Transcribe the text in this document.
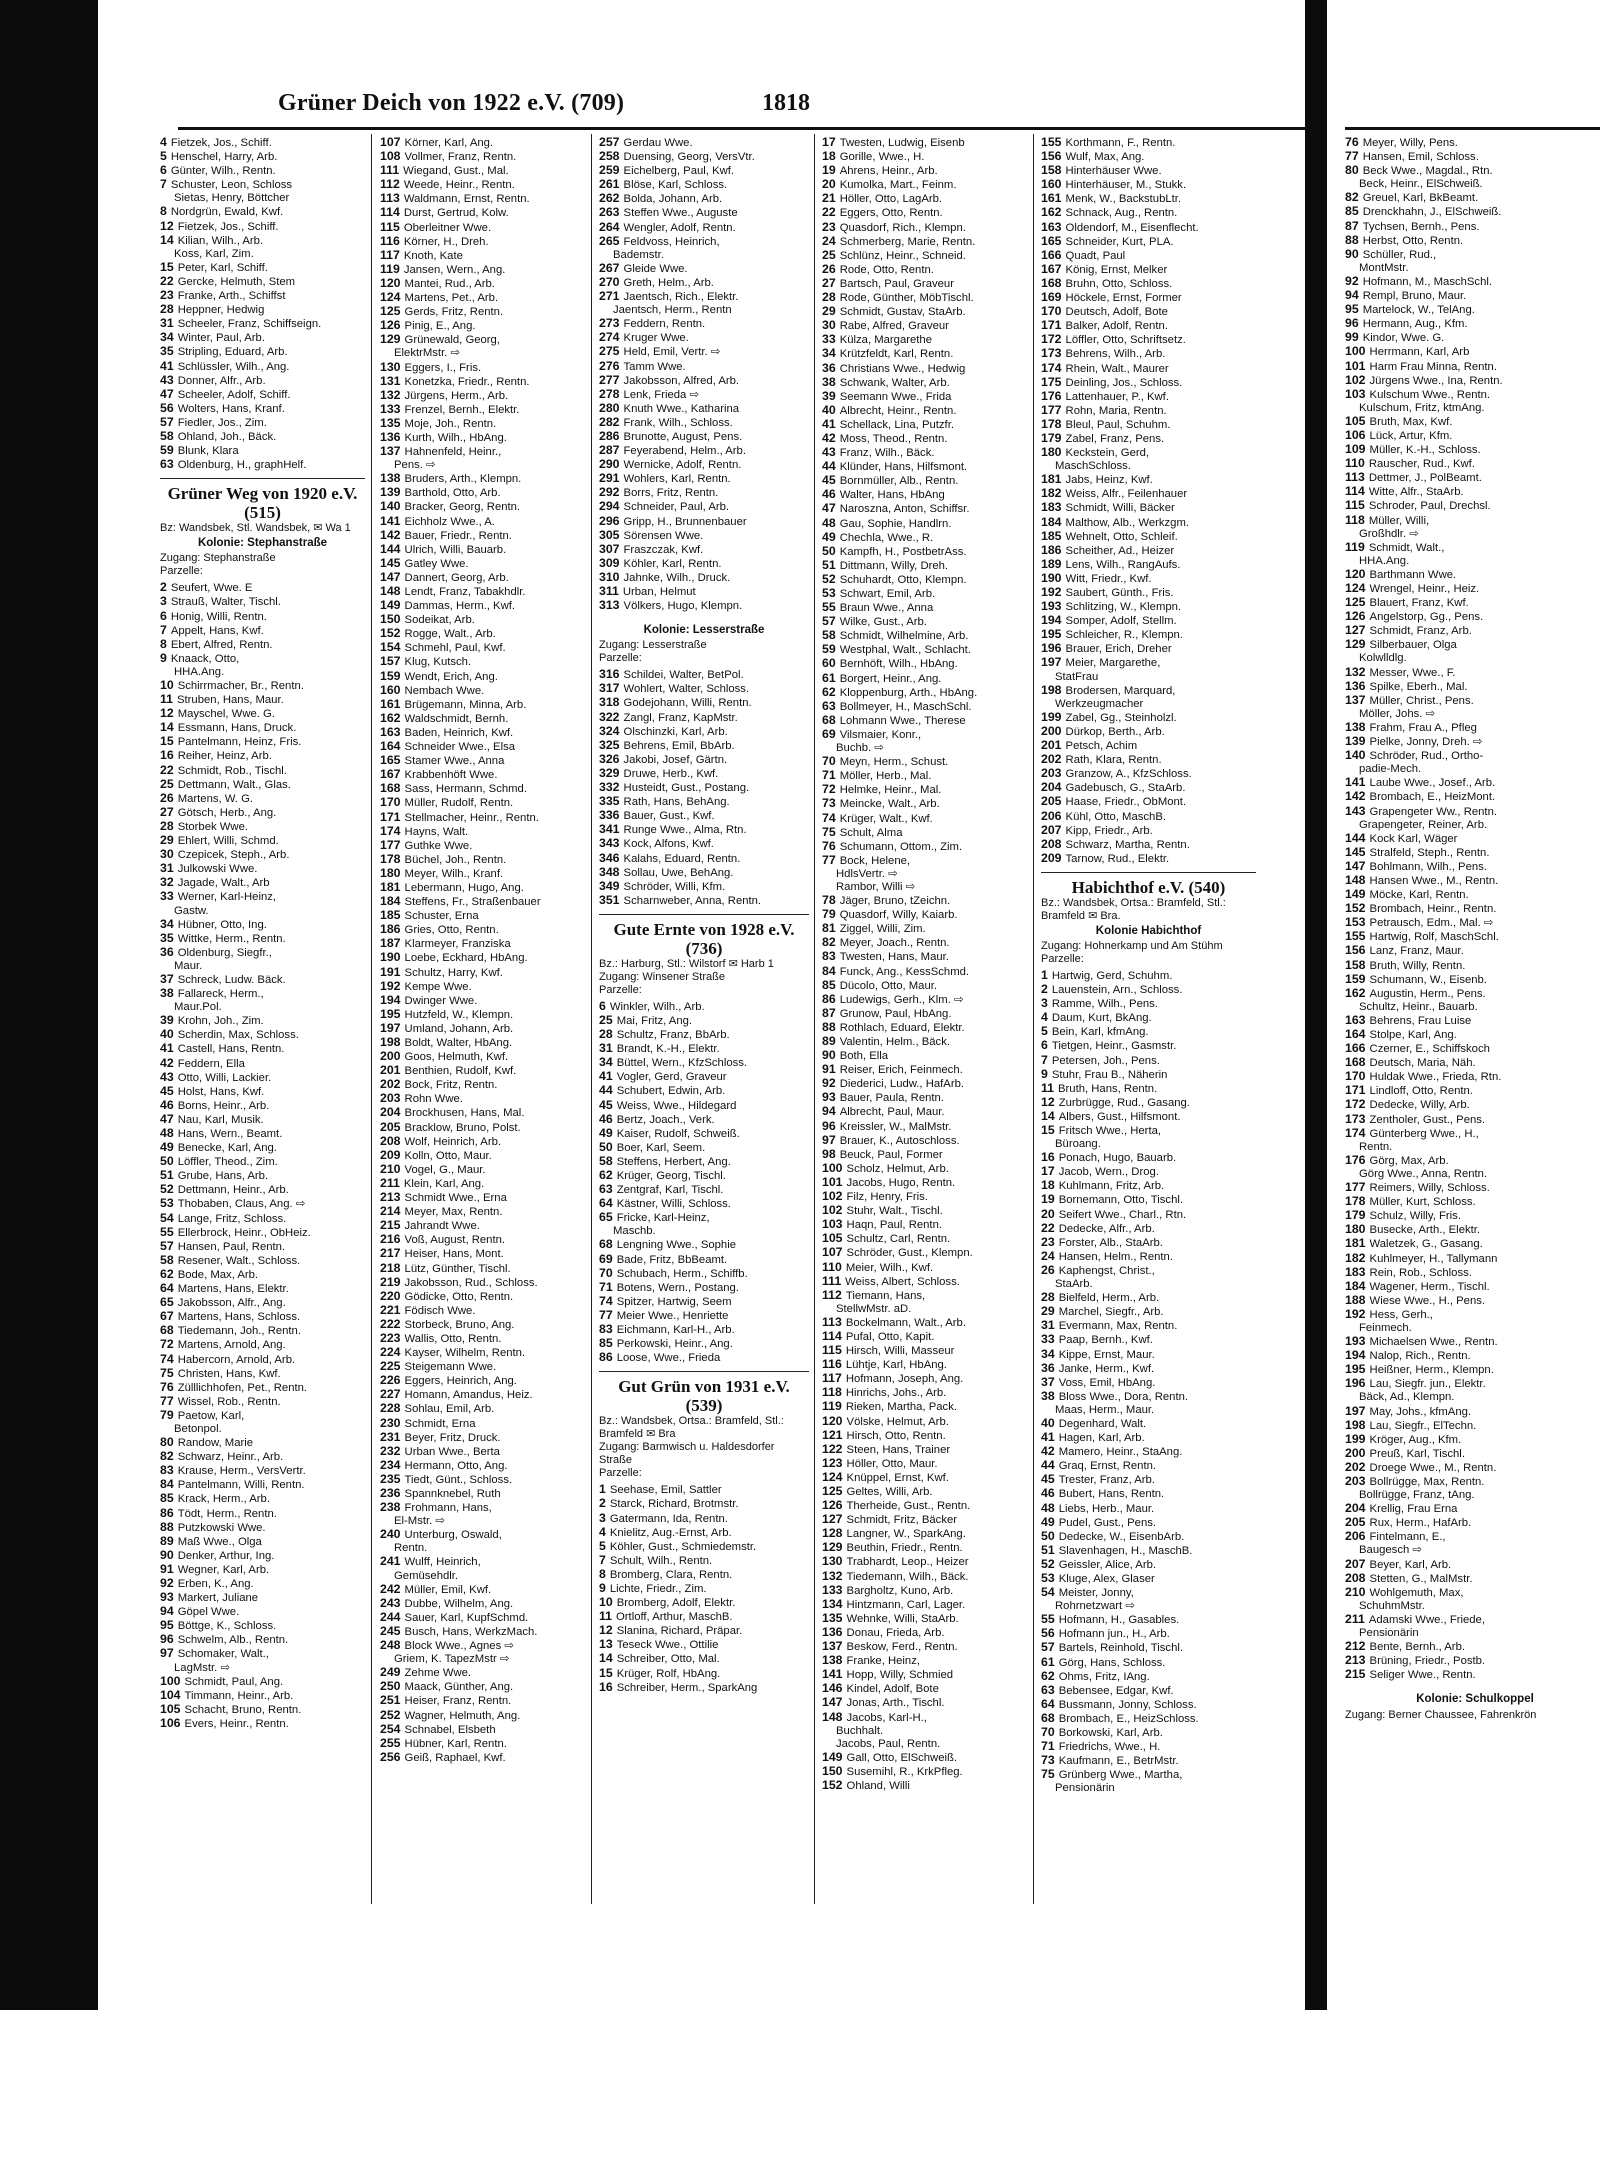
Grüner Deich von 1922 e.V. (709)	1818
4 Fietzek, Jos., Schiff.
5 Henschel, Harry, Arb.
6 Günter, Wilh., Rentn.
7 Schuster, Leon, Schloss
Sietas, Henry, Böttcher
8 Nordgrün, Ewald, Kwf.
12 Fietzek, Jos., Schiff.
14 Kilian, Wilh., Arb.
Koss, Karl, Zim.
15 Peter, Karl, Schiff.
22 Gercke, Helmuth, Stem
23 Franke, Arth., Schiffst
28 Heppner, Hedwig
31 Scheeler, Franz, Schiffseign.
34 Winter, Paul, Arb.
35 Stripling, Eduard, Arb.
41 Schlüssler, Wilh., Ang.
43 Donner, Alfr., Arb.
47 Scheeler, Adolf, Schiff.
56 Wolters, Hans, Kranf.
57 Fiedler, Jos., Zim.
58 Ohland, Joh., Bäck.
59 Blunk, Klara
63 Oldenburg, H., graphHelf.
Grüner Weg von 1920 e.V. (515)
Bz: Wandsbek, Stl. Wandsbek, ✉ Wa 1
Kolonie: Stephanstraße
Zugang: Stephanstraße
Parzelle:
2 Seufert, Wwe. E
3 Strauß, Walter, Tischl.
6 Honig, Willi, Rentn.
7 Appelt, Hans, Kwf.
8 Ebert, Alfred, Rentn.
9 Knaack, Otto,
HHA.Ang.
10 Schirrmacher, Br., Rentn.
11 Struben, Hans, Maur.
12 Mayschel, Wwe. G.
14 Essmann, Hans, Druck.
15 Pantelmann, Heinz, Fris.
16 Reiher, Heinz, Arb.
22 Schmidt, Rob., Tischl.
25 Dettmann, Walt., Glas.
26 Martens, W. G.
27 Götsch, Herb., Ang.
28 Storbek Wwe.
29 Ehlert, Willi, Schmd.
30 Czepicek, Steph., Arb.
31 Julkowski Wwe.
32 Jagade, Walt., Arb
33 Werner, Karl-Heinz,
Gastw.
34 Hübner, Otto, Ing.
35 Wittke, Herm., Rentn.
36 Oldenburg, Siegfr.,
Maur.
37 Schreck, Ludw. Bäck.
38 Fallareck, Herm.,
Maur.Pol.
39 Krohn, Joh., Zim.
40 Scherdin, Max, Schloss.
41 Castell, Hans, Rentn.
42 Feddern, Ella
43 Otto, Willi, Lackier.
45 Holst, Hans, Kwf.
46 Borns, Heinr., Arb.
47 Nau, Karl, Musik.
48 Hans, Wern., Beamt.
49 Benecke, Karl, Ang.
50 Löffler, Theod., Zim.
51 Grube, Hans, Arb.
52 Dettmann, Heinr., Arb.
53 Thobaben, Claus, Ang. ⇨
54 Lange, Fritz, Schloss.
55 Ellerbrock, Heinr., ObHeiz.
57 Hansen, Paul, Rentn.
58 Resener, Walt., Schloss.
62 Bode, Max, Arb.
64 Martens, Hans, Elektr.
65 Jakobsson, Alfr., Ang.
67 Martens, Hans, Schloss.
68 Tiedemann, Joh., Rentn.
72 Martens, Arnold, Ang.
74 Habercorn, Arnold, Arb.
75 Christen, Hans, Kwf.
76 Zülllichhofen, Pet., Rentn.
77 Wissel, Rob., Rentn.
79 Paetow, Karl,
Betonpol.
80 Randow, Marie
82 Schwarz, Heinr., Arb.
83 Krause, Herm., VersVertr.
84 Pantelmann, Willi, Rentn.
85 Krack, Herm., Arb.
86 Tödt, Herm., Rentn.
88 Putzkowski Wwe.
89 Maß Wwe., Olga
90 Denker, Arthur, Ing.
91 Wegner, Karl, Arb.
92 Erben, K., Ang.
93 Markert, Juliane
94 Göpel Wwe.
95 Böttge, K., Schloss.
96 Schwelm, Alb., Rentn.
97 Schomaker, Walt.,
LagMstr. ⇨
100 Schmidt, Paul, Ang.
104 Timmann, Heinr., Arb.
105 Schacht, Bruno, Rentn.
106 Evers, Heinr., Rentn.
107 Körner, Karl, Ang.
108 Vollmer, Franz, Rentn.
111 Wiegand, Gust., Mal.
112 Weede, Heinr., Rentn.
113 Waldmann, Ernst, Rentn.
114 Durst, Gertrud, Kolw.
115 Oberleitner Wwe.
116 Körner, H., Dreh.
117 Knoth, Kate
119 Jansen, Wern., Ang.
120 Mantei, Rud., Arb.
124 Martens, Pet., Arb.
125 Gerds, Fritz, Rentn.
126 Pinig, E., Ang.
129 Grünewald, Georg,
ElektrMstr. ⇨
130 Eggers, I., Fris.
131 Konetzka, Friedr., Rentn.
132 Jürgens, Herm., Arb.
133 Frenzel, Bernh., Elektr.
135 Moje, Joh., Rentn.
136 Kurth, Wilh., HbAng.
137 Hahnenfeld, Heinr.,
Pens. ⇨
138 Bruders, Arth., Klempn.
139 Barthold, Otto, Arb.
140 Bracker, Georg, Rentn.
141 Eichholz Wwe., A.
142 Bauer, Friedr., Rentn.
144 Ulrich, Willi, Bauarb.
145 Gatley Wwe.
147 Dannert, Georg, Arb.
148 Lendt, Franz, Tabakhdlr.
149 Dammas, Herm., Kwf.
150 Sodeikat, Arb.
152 Rogge, Walt., Arb.
154 Schmehl, Paul, Kwf.
157 Klug, Kutsch.
159 Wendt, Erich, Ang.
160 Nembach Wwe.
161 Brügemann, Minna, Arb.
162 Waldschmidt, Bernh.
163 Baden, Heinrich, Kwf.
164 Schneider Wwe., Elsa
165 Stamer Wwe., Anna
167 Krabbenhöft Wwe.
168 Sass, Hermann, Schmd.
170 Müller, Rudolf, Rentn.
171 Stellmacher, Heinr., Rentn.
174 Hayns, Walt.
177 Guthke Wwe.
178 Büchel, Joh., Rentn.
180 Meyer, Wilh., Kranf.
181 Lebermann, Hugo, Ang.
184 Steffens, Fr., Straßenbauer
185 Schuster, Erna
186 Gries, Otto, Rentn.
187 Klarmeyer, Franziska
190 Loebe, Eckhard, HbAng.
191 Schultz, Harry, Kwf.
192 Kempe Wwe.
194 Dwinger Wwe.
195 Hutzfeld, W., Klempn.
197 Umland, Johann, Arb.
198 Boldt, Walter, HbAng.
200 Goos, Helmuth, Kwf.
201 Benthien, Rudolf, Kwf.
202 Bock, Fritz, Rentn.
203 Rohn Wwe.
204 Brockhusen, Hans, Mal.
205 Bracklow, Bruno, Polst.
208 Wolf, Heinrich, Arb.
209 Kolln, Otto, Maur.
210 Vogel, G., Maur.
211 Klein, Karl, Ang.
213 Schmidt Wwe., Erna
214 Meyer, Max, Rentn.
215 Jahrandt Wwe.
216 Voß, August, Rentn.
217 Heiser, Hans, Mont.
218 Lütz, Günther, Tischl.
219 Jakobsson, Rud., Schloss.
220 Gödicke, Otto, Rentn.
221 Födisch Wwe.
222 Storbeck, Bruno, Ang.
223 Wallis, Otto, Rentn.
224 Kayser, Wilhelm, Rentn.
225 Steigemann Wwe.
226 Eggers, Heinrich, Ang.
227 Homann, Amandus, Heiz.
228 Sohlau, Emil, Arb.
230 Schmidt, Erna
231 Beyer, Fritz, Druck.
232 Urban Wwe., Berta
234 Hermann, Otto, Ang.
235 Tiedt, Günt., Schloss.
236 Spannknebel, Ruth
238 Frohmann, Hans,
El-Mstr. ⇨
240 Unterburg, Oswald,
Rentn.
241 Wulff, Heinrich,
Gemüsehdlr.
242 Müller, Emil, Kwf.
243 Dubbe, Wilhelm, Ang.
244 Sauer, Karl, KupfSchmd.
245 Busch, Hans, WerkzMach.
248 Block Wwe., Agnes ⇨
Griem, K. TapezMstr ⇨
249 Zehme Wwe.
250 Maack, Günther, Ang.
251 Heiser, Franz, Rentn.
252 Wagner, Helmuth, Ang.
254 Schnabel, Elsbeth
255 Hübner, Karl, Rentn.
256 Geiß, Raphael, Kwf.
257 Gerdau Wwe.
258 Duensing, Georg, VersVtr.
259 Eichelberg, Paul, Kwf.
261 Blöse, Karl, Schloss.
262 Bolda, Johann, Arb.
263 Steffen Wwe., Auguste
264 Wengler, Adolf, Rentn.
265 Feldvoss, Heinrich,
Bademstr.
267 Gleide Wwe.
270 Greth, Helm., Arb.
271 Jaentsch, Rich., Elektr.
Jaentsch, Herm., Rentn
273 Feddern, Rentn.
274 Kruger Wwe.
275 Held, Emil, Vertr. ⇨
276 Tamm Wwe.
277 Jakobsson, Alfred, Arb.
278 Lenk, Frieda ⇨
280 Knuth Wwe., Katharina
282 Frank, Wilh., Schloss.
286 Brunotte, August, Pens.
287 Feyerabend, Helm., Arb.
290 Wernicke, Adolf, Rentn.
291 Wohlers, Karl, Rentn.
292 Borrs, Fritz, Rentn.
294 Schneider, Paul, Arb.
296 Gripp, H., Brunnenbauer
305 Sörensen Wwe.
307 Fraszczak, Kwf.
309 Köhler, Karl, Rentn.
310 Jahnke, Wilh., Druck.
311 Urban, Helmut
313 Völkers, Hugo, Klempn.
Kolonie: Lesserstraße
Zugang: Lesserstraße
Parzelle:
316 Schildei, Walter, BetPol.
317 Wohlert, Walter, Schloss.
318 Godejohann, Willi, Rentn.
322 Zangl, Franz, KapMstr.
324 Olschinzki, Karl, Arb.
325 Behrens, Emil, BbArb.
326 Jakobi, Josef, Gärtn.
329 Druwe, Herb., Kwf.
332 Husteidt, Gust., Postang.
335 Rath, Hans, BehAng.
336 Bauer, Gust., Kwf.
341 Runge Wwe., Alma, Rtn.
343 Kock, Alfons, Kwf.
346 Kalahs, Eduard, Rentn.
348 Sollau, Uwe, BehAng.
349 Schröder, Willi, Kfm.
351 Scharnweber, Anna, Rentn.
Gute Ernte von 1928 e.V. (736)
Bz.: Harburg, Stl.: Wilstorf ✉ Harb 1
Zugang: Winsener Straße
Parzelle:
6 Winkler, Wilh., Arb.
25 Mai, Fritz, Ang.
28 Schultz, Franz, BbArb.
31 Brandt, K.-H., Elektr.
34 Büttel, Wern., KfzSchloss.
41 Vogler, Gerd, Graveur
44 Schubert, Edwin, Arb.
45 Weiss, Wwe., Hildegard
46 Bertz, Joach., Verk.
49 Kaiser, Rudolf, Schweiß.
50 Boer, Karl, Seem.
58 Steffens, Herbert, Ang.
62 Krüger, Georg, Tischl.
63 Zentgraf, Karl, Tischl.
64 Kästner, Willi, Schloss.
65 Fricke, Karl-Heinz,
Maschb.
68 Lengning Wwe., Sophie
69 Bade, Fritz, BbBeamt.
70 Schubach, Herm., Schiffb.
71 Botens, Wern., Postang.
74 Spitzer, Hartwig, Seem
77 Meier Wwe., Henriette
83 Eichmann, Karl-H., Arb.
85 Perkowski, Heinr., Ang.
86 Loose, Wwe., Frieda
Gut Grün von 1931 e.V. (539)
Bz.: Wandsbek, Ortsa.: Bramfeld, Stl.: Bramfeld ✉ Bra
Zugang: Barmwisch u. Haldesdorfer Straße
Parzelle:
1 Seehase, Emil, Sattler
2 Starck, Richard, Brotmstr.
3 Gatermann, Ida, Rentn.
4 Knielitz, Aug.-Ernst, Arb.
5 Köhler, Gust., Schmiedemstr.
7 Schult, Wilh., Rentn.
8 Bromberg, Clara, Rentn.
9 Lichte, Friedr., Zim.
10 Bromberg, Adolf, Elektr.
11 Ortloff, Arthur, MaschB.
12 Slanina, Richard, Präpar.
13 Teseck Wwe., Ottilie
14 Schreiber, Otto, Mal.
15 Krüger, Rolf, HbAng.
16 Schreiber, Herm., SparkAng
17 Twesten, Ludwig, Eisenb
18 Gorille, Wwe., H.
19 Ahrens, Heinr., Arb.
20 Kumolka, Mart., Feinm.
21 Höller, Otto, LagArb.
22 Eggers, Otto, Rentn.
23 Quasdorf, Rich., Klempn.
24 Schmerberg, Marie, Rentn.
25 Schlünz, Heinr., Schneid.
26 Rode, Otto, Rentn.
27 Bartsch, Paul, Graveur
28 Rode, Günther, MöbTischl.
29 Schmidt, Gustav, StaArb.
30 Rabe, Alfred, Graveur
33 Külza, Margarethe
34 Krützfeldt, Karl, Rentn.
36 Christians Wwe., Hedwig
38 Schwank, Walter, Arb.
39 Seemann Wwe., Frida
40 Albrecht, Heinr., Rentn.
41 Schellack, Lina, Putzfr.
42 Moss, Theod., Rentn.
43 Franz, Wilh., Bäck.
44 Klünder, Hans, Hilfsmont.
45 Bornmüller, Alb., Rentn.
46 Walter, Hans, HbAng
47 Naroszna, Anton, Schiffsr.
48 Gau, Sophie, Handlrn.
49 Chechla, Wwe., R.
50 Kampfh, H., PostbetrAss.
51 Dittmann, Willy, Dreh.
52 Schuhardt, Otto, Klempn.
53 Schwart, Emil, Arb.
55 Braun Wwe., Anna
57 Wilke, Gust., Arb.
58 Schmidt, Wilhelmine, Arb.
59 Westphal, Walt., Schlacht.
60 Bernhöft, Wilh., HbAng.
61 Borgert, Heinr., Ang.
62 Kloppenburg, Arth., HbAng.
63 Bollmeyer, H., MaschSchl.
68 Lohmann Wwe., Therese
69 Vilsmaier, Konr.,
Buchb. ⇨
70 Meyn, Herm., Schust.
71 Möller, Herb., Mal.
72 Helmke, Heinr., Mal.
73 Meincke, Walt., Arb.
74 Krüger, Walt., Kwf.
75 Schult, Alma
76 Schumann, Ottom., Zim.
77 Bock, Helene,
HdlsVertr. ⇨
Rambor, Willi ⇨
78 Jäger, Bruno, tZeichn.
79 Quasdorf, Willy, Kaiarb.
81 Ziggel, Willi, Zim.
82 Meyer, Joach., Rentn.
83 Twesten, Hans, Maur.
84 Funck, Ang., KessSchmd.
85 Dücolo, Otto, Maur.
86 Ludewigs, Gerh., Klm. ⇨
87 Grunow, Paul, HbAng.
88 Rothlach, Eduard, Elektr.
89 Valentin, Helm., Bäck.
90 Both, Ella
91 Reiser, Erich, Feinmech.
92 Diederici, Ludw., HafArb.
93 Bauer, Paula, Rentn.
94 Albrecht, Paul, Maur.
96 Kreissler, W., MalMstr.
97 Brauer, K., Autoschloss.
98 Beuck, Paul, Former
100 Scholz, Helmut, Arb.
101 Jacobs, Hugo, Rentn.
102 Filz, Henry, Fris.
102 Stuhr, Walt., Tischl.
103 Haqn, Paul, Rentn.
105 Schultz, Carl, Rentn.
107 Schröder, Gust., Klempn.
110 Meier, Wilh., Kwf.
111 Weiss, Albert, Schloss.
112 Tiemann, Hans,
StellwMstr. aD.
113 Bockelmann, Walt., Arb.
114 Pufal, Otto, Kapit.
115 Hirsch, Willi, Masseur
116 Lühtje, Karl, HbAng.
117 Hofmann, Joseph, Ang.
118 Hinrichs, Johs., Arb.
119 Rieken, Martha, Pack.
120 Völske, Helmut, Arb.
121 Hirsch, Otto, Rentn.
122 Steen, Hans, Trainer
123 Höller, Otto, Maur.
124 Knüppel, Ernst, Kwf.
125 Geltes, Willi, Arb.
126 Therheide, Gust., Rentn.
127 Schmidt, Fritz, Bäcker
128 Langner, W., SparkAng.
129 Beuthin, Friedr., Rentn.
130 Trabhardt, Leop., Heizer
132 Tiedemann, Wilh., Bäck.
133 Bargholtz, Kuno, Arb.
134 Hintzmann, Carl, Lager.
135 Wehnke, Willi, StaArb.
136 Donau, Frieda, Arb.
137 Beskow, Ferd., Rentn.
138 Franke, Heinz,
141 Hopp, Willy, Schmied
146 Kindel, Adolf, Bote
147 Jonas, Arth., Tischl.
148 Jacobs, Karl-H.,
Buchhalt.
Jacobs, Paul, Rentn.
149 Gall, Otto, ElSchweiß.
150 Susemihl, R., KrkPfleg.
152 Ohland, Willi
155 Korthmann, F., Rentn.
156 Wulf, Max, Ang.
158 Hinterhäuser Wwe.
160 Hinterhäuser, M., Stukk.
161 Menk, W., BackstubLtr.
162 Schnack, Aug., Rentn.
163 Oldendorf, M., Eisenflecht.
165 Schneider, Kurt, PLA.
166 Quadt, Paul
167 König, Ernst, Melker
168 Bruhn, Otto, Schloss.
169 Höckele, Ernst, Former
170 Deutsch, Adolf, Bote
171 Balker, Adolf, Rentn.
172 Löffler, Otto, Schriftsetz.
173 Behrens, Wilh., Arb.
174 Rhein, Walt., Maurer
175 Deinling, Jos., Schloss.
176 Lattenhauer, P., Kwf.
177 Rohn, Maria, Rentn.
178 Bleul, Paul, Schuhm.
179 Zabel, Franz, Pens.
180 Keckstein, Gerd,
MaschSchloss.
181 Jabs, Heinz, Kwf.
182 Weiss, Alfr., Feilenhauer
183 Schmidt, Willi, Bäcker
184 Malthow, Alb., Werkzgm.
185 Wehnelt, Otto, Schleif.
186 Scheither, Ad., Heizer
189 Lens, Wilh., RangAufs.
190 Witt, Friedr., Kwf.
192 Saubert, Günth., Fris.
193 Schlitzing, W., Klempn.
194 Somper, Adolf, Stellm.
195 Schleicher, R., Klempn.
196 Brauer, Erich, Dreher
197 Meier, Margarethe,
StatFrau
198 Brodersen, Marquard,
Werkzeugmacher
199 Zabel, Gg., Steinholzl.
200 Dürkop, Berth., Arb.
201 Petsch, Achim
202 Rath, Klara, Rentn.
203 Granzow, A., KfzSchloss.
204 Gadebusch, G., StaArb.
205 Haase, Friedr., ObMont.
206 Kühl, Otto, MaschB.
207 Kipp, Friedr., Arb.
208 Schwarz, Martha, Rentn.
209 Tarnow, Rud., Elektr.
Habichthof e.V. (540)
Bz.: Wandsbek, Ortsa.: Bramfeld, Stl.: Bramfeld ✉ Bra.
Kolonie Habichthof
Zugang: Hohnerkamp und Am Stühm
Parzelle:
1 Hartwig, Gerd, Schuhm.
2 Lauenstein, Arn., Schloss.
3 Ramme, Wilh., Pens.
4 Daum, Kurt, BkAng.
5 Bein, Karl, kfmAng.
6 Tietgen, Heinr., Gasmstr.
7 Petersen, Joh., Pens.
9 Stuhr, Frau B., Näherin
11 Bruth, Hans, Rentn.
12 Zurbrügge, Rud., Gasang.
14 Albers, Gust., Hilfsmont.
15 Fritsch Wwe., Herta,
Büroang.
16 Ponach, Hugo, Bauarb.
17 Jacob, Wern., Drog.
18 Kuhlmann, Fritz, Arb.
19 Bornemann, Otto, Tischl.
20 Seifert Wwe., Charl., Rtn.
22 Dedecke, Alfr., Arb.
23 Forster, Alb., StaArb.
24 Hansen, Helm., Rentn.
26 Kaphengst, Christ.,
StaArb.
28 Bielfeld, Herm., Arb.
29 Marchel, Siegfr., Arb.
31 Evermann, Max, Rentn.
33 Paap, Bernh., Kwf.
34 Kippe, Ernst, Maur.
36 Janke, Herm., Kwf.
37 Voss, Emil, HbAng.
38 Bloss Wwe., Dora, Rentn.
Maas, Herm., Maur.
40 Degenhard, Walt.
41 Hagen, Karl, Arb.
42 Mamero, Heinr., StaAng.
44 Graq, Ernst, Rentn.
45 Trester, Franz, Arb.
46 Bubert, Hans, Rentn.
48 Liebs, Herb., Maur.
49 Pudel, Gust., Pens.
50 Dedecke, W., EisenbArb.
51 Slavenhagen, H., MaschB.
52 Geissler, Alice, Arb.
53 Kluge, Alex, Glaser
54 Meister, Jonny,
Rohrnetzwart ⇨
55 Hofmann, H., Gasables.
56 Hofmann jun., H., Arb.
57 Bartels, Reinhold, Tischl.
61 Görg, Hans, Schloss.
62 Ohms, Fritz, IAng.
63 Bebensee, Edgar, Kwf.
64 Bussmann, Jonny, Schloss.
68 Brombach, E., HeizSchloss.
70 Borkowski, Karl, Arb.
71 Friedrichs, Wwe., H.
73 Kaufmann, E., BetrMstr.
75 Grünberg Wwe., Martha,
Pensionärin
76 Meyer, Willy, Pens.
77 Hansen, Emil, Schloss.
80 Beck Wwe., Magdal., Rtn.
Beck, Heinr., ElSchweiß.
82 Greuel, Karl, BkBeamt.
85 Drenckhahn, J., ElSchweiß.
87 Tychsen, Bernh., Pens.
88 Herbst, Otto, Rentn.
90 Schüller, Rud.,
MontMstr.
92 Hofmann, M., MaschSchl.
94 Rempl, Bruno, Maur.
95 Martelock, W., TelAng.
96 Hermann, Aug., Kfm.
99 Kindor, Wwe. G.
100 Herrmann, Karl, Arb
101 Harm Frau Minna, Rentn.
102 Jürgens Wwe., Ina, Rentn.
103 Kulschum Wwe., Rentn.
Kulschum, Fritz, ktmAng.
105 Bruth, Max, Kwf.
106 Lück, Artur, Kfm.
109 Müller, K.-H., Schloss.
110 Rauscher, Rud., Kwf.
113 Dettmer, J., PolBeamt.
114 Witte, Alfr., StaArb.
115 Schroder, Paul, Drechsl.
118 Müller, Willi,
Großhdlr. ⇨
119 Schmidt, Walt.,
HHA.Ang.
120 Barthmann Wwe.
124 Wrengel, Heinr., Heiz.
125 Blauert, Franz, Kwf.
126 Angelstorp, Gg., Pens.
127 Schmidt, Franz, Arb.
129 Silberbauer, Olga
Kolwlldlg.
132 Messer, Wwe., F.
136 Spilke, Eberh., Mal.
137 Müller, Christ., Pens.
Möller, Johs. ⇨
138 Frahm, Frau A., Pfleg
139 Pielke, Jonny, Dreh. ⇨
140 Schröder, Rud., Ortho-
padie-Mech.
141 Laube Wwe., Josef., Arb.
142 Brombach, E., HeizMont.
143 Grapengeter Ww., Rentn.
Grapengeter, Reiner, Arb.
144 Kock Karl, Wäger
145 Stralfeld, Steph., Rentn.
147 Bohlmann, Wilh., Pens.
148 Hansen Wwe., M., Rentn.
149 Möcke, Karl, Rentn.
152 Brombach, Heinr., Rentn.
153 Petrausch, Edm., Mal. ⇨
155 Hartwig, Rolf, MaschSchl.
156 Lanz, Franz, Maur.
158 Bruth, Willy, Rentn.
159 Schumann, W., Eisenb.
162 Augustin, Herm., Pens.
Schultz, Heinr., Bauarb.
163 Behrens, Frau Luise
164 Stolpe, Karl, Ang.
166 Czerner, E., Schiffskoch
168 Deutsch, Maria, Näh.
170 Huldak Wwe., Frieda, Rtn.
171 Lindloff, Otto, Rentn.
172 Dedecke, Willy, Arb.
173 Zentholer, Gust., Pens.
174 Günterberg Wwe., H.,
Rentn.
176 Görg, Max, Arb.
Görg Wwe., Anna, Rentn.
177 Reimers, Willy, Schloss.
178 Müller, Kurt, Schloss.
179 Schulz, Willy, Fris.
180 Busecke, Arth., Elektr.
181 Waletzek, G., Gasang.
182 Kuhlmeyer, H., Tallymann
183 Rein, Rob., Schloss.
184 Wagener, Herm., Tischl.
188 Wiese Wwe., H., Pens.
192 Hess, Gerh.,
Feinmech.
193 Michaelsen Wwe., Rentn.
194 Nalop, Rich., Rentn.
195 Heißner, Herm., Klempn.
196 Lau, Siegfr. jun., Elektr.
Bäck, Ad., Klempn.
197 May, Johs., kfmAng.
198 Lau, Siegfr., ElTechn.
199 Kröger, Aug., Kfm.
200 Preuß, Karl, Tischl.
202 Droege Wwe., M., Rentn.
203 Bollrügge, Max, Rentn.
Bollrügge, Franz, tAng.
204 Krellig, Frau Erna
205 Rux, Herm., HafArb.
206 Fintelmann, E.,
Baugesch ⇨
207 Beyer, Karl, Arb.
208 Stetten, G., MalMstr.
210 Wohlgemuth, Max,
SchuhmMstr.
211 Adamski Wwe., Friede,
Pensionärin
212 Bente, Bernh., Arb.
213 Brüning, Friedr., Postb.
215 Seliger Wwe., Rentn.
Kolonie: Schulkoppel
Zugang: Berner Chaussee, Fahrenkrön
